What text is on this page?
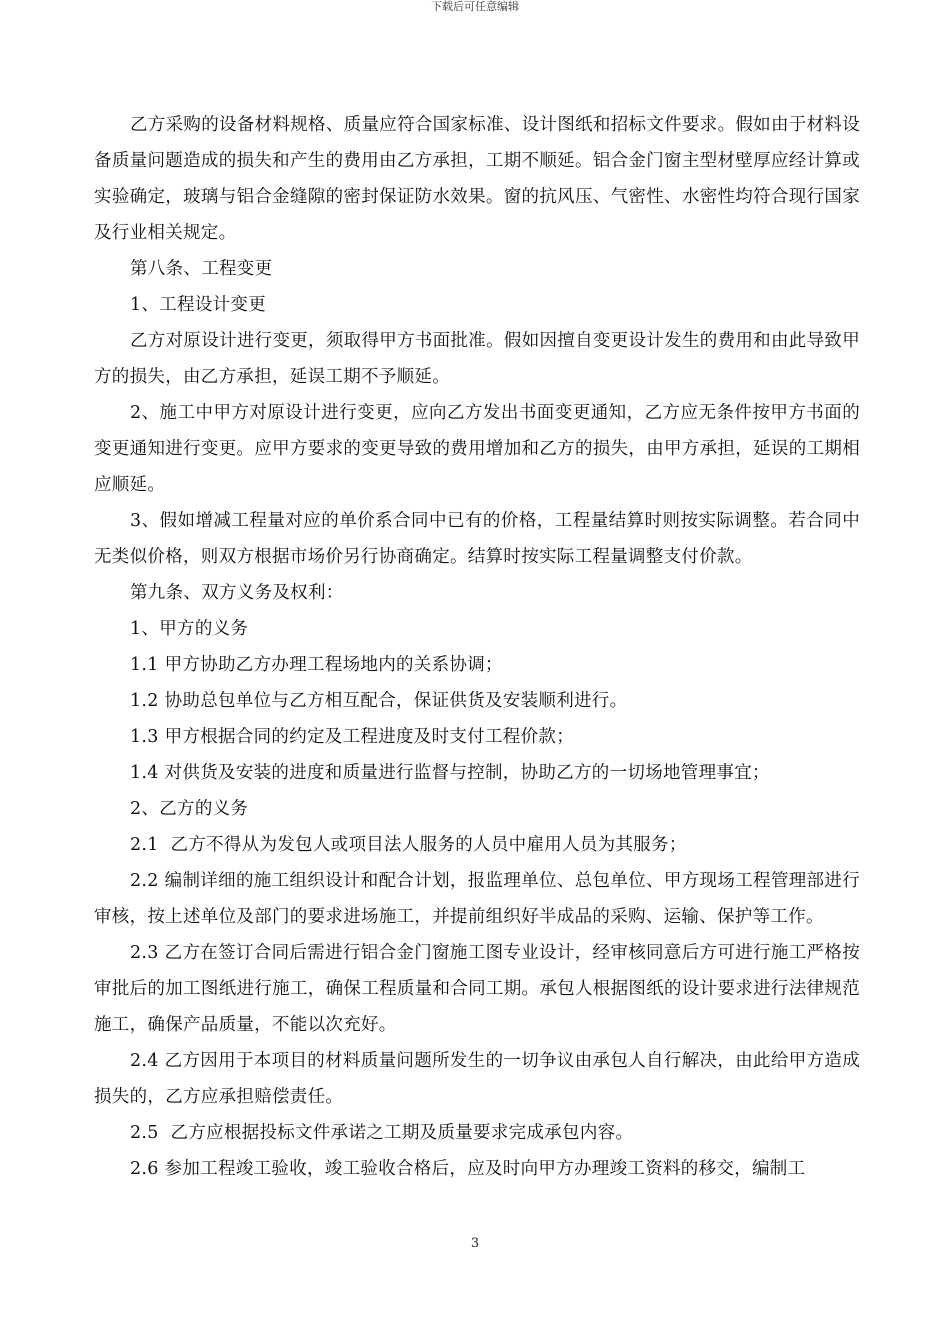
下载后可任意编辑

乙方采购的设备材料规格、质量应符合国家标准、设计图纸和招标文件要求。假如由于材料设备质量问题造成的损失和产生的费用由乙方承担，工期不顺延。铝合金门窗主型材壁厚应经计算或实验确定，玻璃与铝合金缝隙的密封保证防水效果。窗的抗风压、气密性、水密性均符合现行国家及行业相关规定。

第八条、工程变更

1、工程设计变更

乙方对原设计进行变更，须取得甲方书面批准。假如因擅自变更设计发生的费用和由此导致甲方的损失，由乙方承担，延误工期不予顺延。

2、施工中甲方对原设计进行变更，应向乙方发出书面变更通知，乙方应无条件按甲方书面的变更通知进行变更。应甲方要求的变更导致的费用增加和乙方的损失，由甲方承担，延误的工期相应顺延。

3、假如增减工程量对应的单价系合同中已有的价格，工程量结算时则按实际调整。若合同中无类似价格，则双方根据市场价另行协商确定。结算时按实际工程量调整支付价款。

第九条、双方义务及权利：

1、甲方的义务

1.1 甲方协助乙方办理工程场地内的关系协调；

1.2 协助总包单位与乙方相互配合，保证供货及安装顺利进行。

1.3 甲方根据合同的约定及工程进度及时支付工程价款；

1.4 对供货及安装的进度和质量进行监督与控制，协助乙方的一切场地管理事宜；

2、乙方的义务

2.1  乙方不得从为发包人或项目法人服务的人员中雇用人员为其服务；

2.2 编制详细的施工组织设计和配合计划，报监理单位、总包单位、甲方现场工程管理部进行审核，按上述单位及部门的要求进场施工，并提前组织好半成品的采购、运输、保护等工作。

2.3 乙方在签订合同后需进行铝合金门窗施工图专业设计，经审核同意后方可进行施工严格按审批后的加工图纸进行施工，确保工程质量和合同工期。承包人根据图纸的设计要求进行法律规范施工，确保产品质量，不能以次充好。

2.4 乙方因用于本项目的材料质量问题所发生的一切争议由承包人自行解决，由此给甲方造成损失的，乙方应承担赔偿责任。

2.5  乙方应根据投标文件承诺之工期及质量要求完成承包内容。

2.6 参加工程竣工验收，竣工验收合格后，应及时向甲方办理竣工资料的移交，编制工

3
